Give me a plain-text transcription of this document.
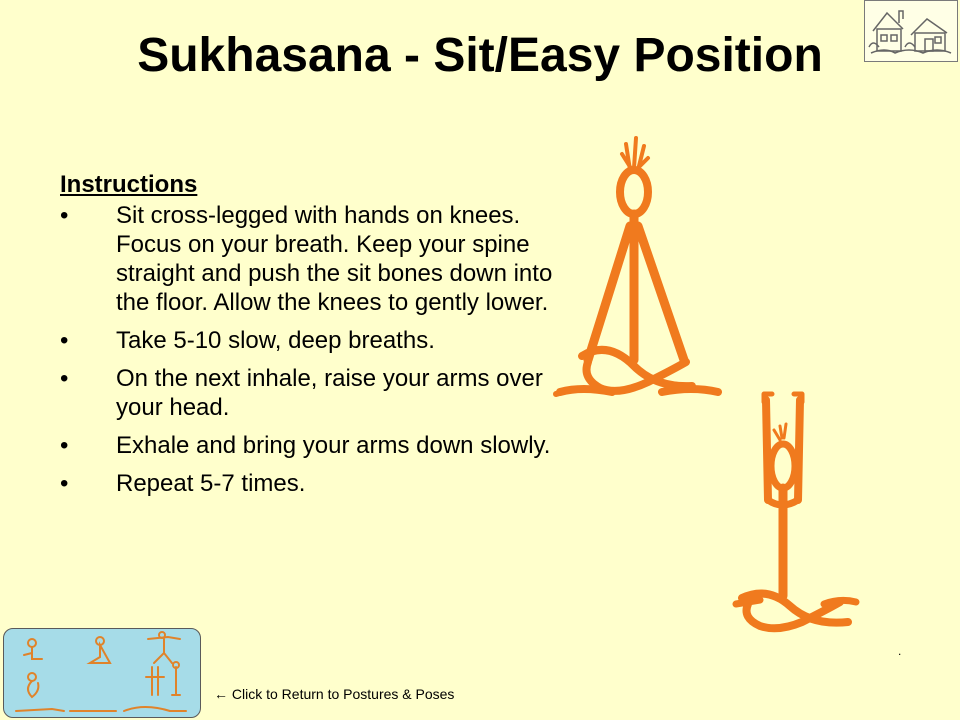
Sukhasana - Sit/Easy Position
Instructions
• Sit cross-legged with hands on knees. Focus on your breath. Keep your spine straight and push the sit bones down into the floor. Allow the knees to gently lower.
• Take 5-10 slow, deep breaths.
• On the next inhale, raise your arms over your head.
• Exhale and bring your arms down slowly.
• Repeat 5-7 times.
.
← Click to Return to Postures & Poses
